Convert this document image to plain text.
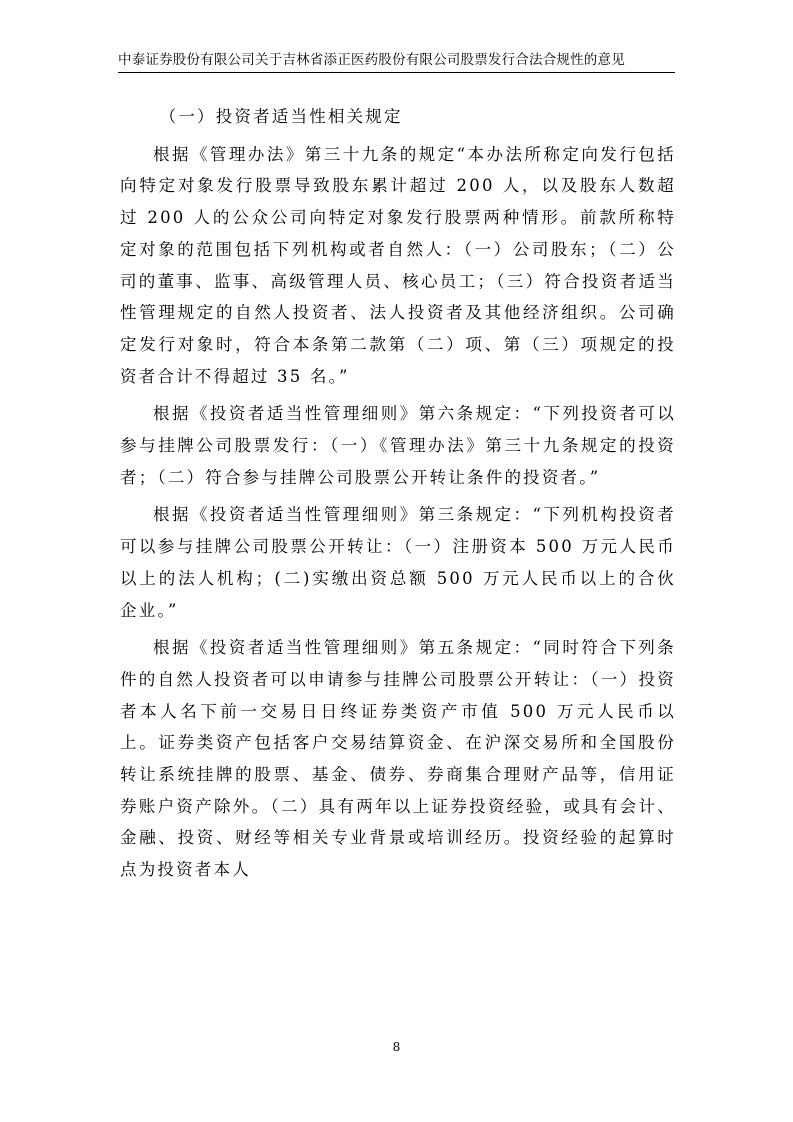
中泰证券股份有限公司关于吉林省添正医药股份有限公司股票发行合法合规性的意见

（一）投资者适当性相关规定

根据《管理办法》第三十九条的规定“本办法所称定向发行包括向特定对象发行股票导致股东累计超过 200 人，以及股东人数超过 200 人的公众公司向特定对象发行股票两种情形。前款所称特定对象的范围包括下列机构或者自然人：（一）公司股东；（二）公司的董事、监事、高级管理人员、核心员工；（三）符合投资者适当性管理规定的自然人投资者、法人投资者及其他经济组织。公司确定发行对象时，符合本条第二款第（二）项、第（三）项规定的投资者合计不得超过 35 名。”

根据《投资者适当性管理细则》第六条规定：“下列投资者可以参与挂牌公司股票发行：（一）《管理办法》第三十九条规定的投资者；（二）符合参与挂牌公司股票公开转让条件的投资者。”

根据《投资者适当性管理细则》第三条规定：“下列机构投资者可以参与挂牌公司股票公开转让：（一）注册资本 500 万元人民币以上的法人机构；(二)实缴出资总额 500 万元人民币以上的合伙企业。”

根据《投资者适当性管理细则》第五条规定：“同时符合下列条件的自然人投资者可以申请参与挂牌公司股票公开转让：（一）投资者本人名下前一交易日日终证券类资产市值 500 万元人民币以上。证券类资产包括客户交易结算资金、在沪深交易所和全国股份转让系统挂牌的股票、基金、债券、券商集合理财产品等，信用证券账户资产除外。（二）具有两年以上证券投资经验，或具有会计、金融、投资、财经等相关专业背景或培训经历。投资经验的起算时点为投资者本人

8
